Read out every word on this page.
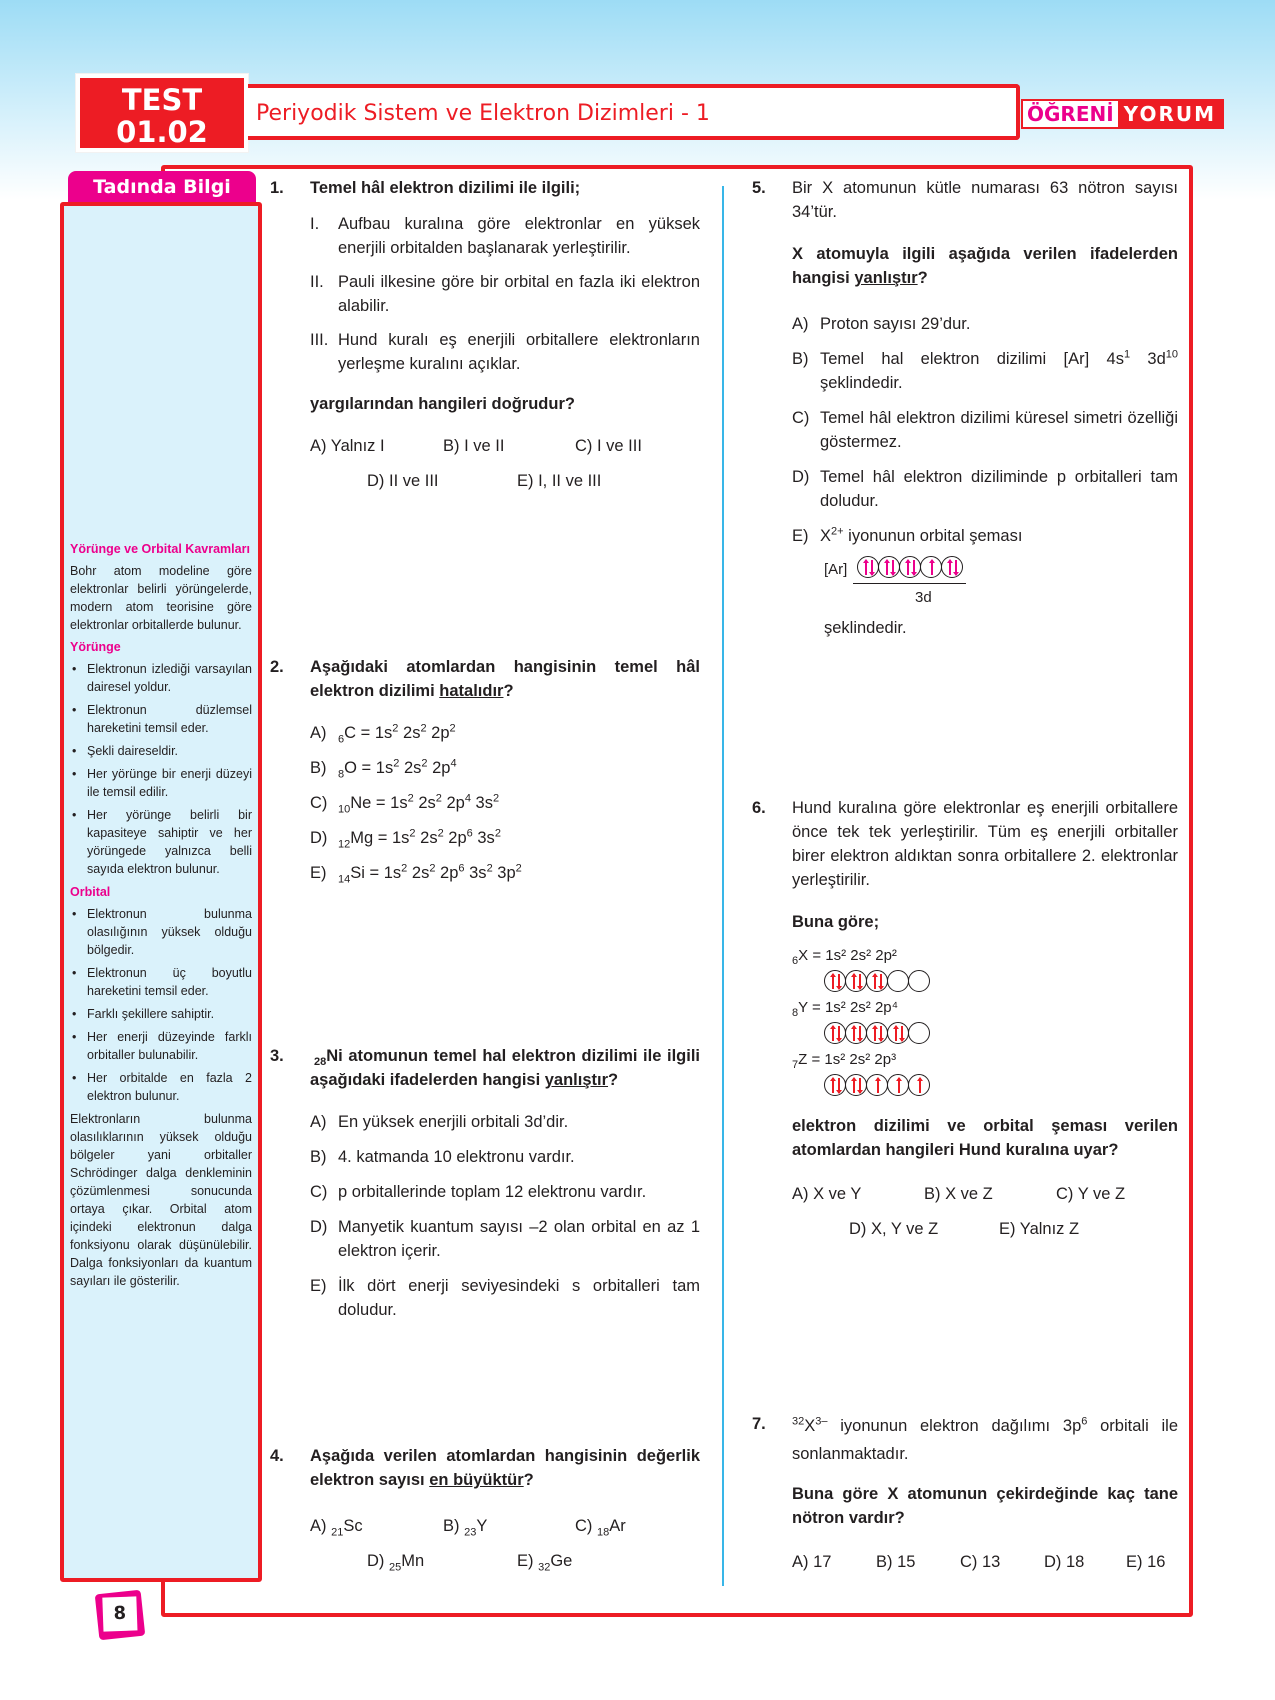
TEST
01.02
Periyodik Sistem ve Elektron Dizimleri - 1	ÖĞRENİ YORUM
Tadında Bilgi
Yörünge ve Orbital Kavramları

Bohr atom modeline göre elektronlar belirli yörüngelerde, modern atom teorisine göre elektronlar orbitallerde bulunur.

Yörünge
• Elektronun izlediği varsayılan dairesel yoldur.
• Elektronun düzlemsel hareketini temsil eder.
• Şekli daireseldir.
• Her yörünge bir enerji düzeyi ile temsil edilir.
• Her yörünge belirli bir kapasiteye sahiptir ve her yörüngede yalnızca belli sayıda elektron bulunur.
Orbital
• Elektronun bulunma olasılığının yüksek olduğu bölgedir.
• Elektronun üç boyutlu hareketini temsil eder.
• Farklı şekillere sahiptir.
• Her enerji düzeyinde farklı orbitaller bulunabilir.
• Her orbitalde en fazla 2 elektron bulunur.

Elektronların bulunma olasılıklarının yüksek olduğu bölgeler yani orbitaller Schrödinger dalga denkleminin çözümlenmesi sonucunda ortaya çıkar. Orbital atom içindeki elektronun dalga fonksiyonu olarak düşünülebilir. Dalga fonksiyonları da kuantum sayıları ile gösterilir.

8
1. Temel hâl elektron dizilimi ile ilgili;
I. Aufbau kuralına göre elektronlar en yüksek enerjili orbitalden başlanarak yerleştirilir.
II. Pauli ilkesine göre bir orbital en fazla iki elektron alabilir.
III. Hund kuralı eş enerjili orbitallere elektronların yerleşme kuralını açıklar.
yargılarından hangileri doğrudur?
A) Yalnız I	B) I ve II	C) I ve III
D) II ve III	E) I, II ve III
2. Aşağıdaki atomlardan hangisinin temel hâl elektron dizilimi hatalıdır?
A) $_6C = 1s^2$ $2s^2$ $2p^2$
B) $_8O = 1s^2$ $2s^2$ $2p^4$
C) $_{10}Ne = 1s^2$ $2s^2$ $2p^4$ $3s^2$
D) $_{12}Mg = 1s^2$ $2s^2$ $2p^6$ $3s^2$
E) $_{14}Si = 1s^2$ $2s^2$ $2p^6$ $3s^2$ $3p^2$
3.	$_{28}$Ni atomunun temel hal elektron dizilimi ile ilgili aşağıdaki ifadelerden hangisi yanlıştır?
A) En yüksek enerjili orbitali 3d’dir.
B) 4. katmanda 10 elektronu vardır.
C) p orbitallerinde toplam 12 elektronu vardır.
D) Manyetik kuantum sayısı –2 olan orbital en az 1 elektron içerir.
E) İlk dört enerji seviyesindeki s orbitalleri tam doludur.
4. Aşağıda verilen atomlardan hangisinin değerlik elektron sayısı en büyüktür?
A) $_{21}$Sc	B) $_{23}$Y	C) $_{18}$Ar
D) $_{25}$Mn	E) $_{32}$Ge
5. Bir X atomunun kütle numarası 63 nötron sayısı 34’tür.
X atomuyla ilgili aşağıda verilen ifadelerden hangisi yanlıştır?
A) Proton sayısı 29’dur.
B) Temel hal elektron dizilimi [Ar] $4s^1$ $3d^{10}$ şeklindedir.
C) Temel hâl elektron dizilimi küresel simetri özelliği göstermez.
D) Temel hâl elektron diziliminde p orbitalleri tam doludur.
E) $X^{2+}$ iyonunun orbital şeması
[Ar]
3d
şeklindedir.
6. Hund kuralına göre elektronlar eş enerjili orbitallere önce tek tek yerleştirilir. Tüm eş enerjili orbitaller birer elektron aldıktan sonra orbitallere 2. elektronlar yerleştirilir.
Buna göre;
$_6$X = 1s² 2s² 2p²
$_8$Y = 1s² 2s² 2p⁴
$_7$Z = 1s² 2s² 2p³
elektron dizilimi ve orbital şeması verilen atomlardan hangileri Hund kuralına uyar?
A) X ve Y	B) X ve Z	C) Y ve Z
D) X, Y ve Z	E) Yalnız Z
7. $^{32}X^{3-}$ iyonunun elektron dağılımı $3p^6$ orbitali ile sonlanmaktadır.
Buna göre X atomunun çekirdeğinde kaç tane nötron vardır?
A) 17	B) 15	C) 13	D) 18	E) 16
